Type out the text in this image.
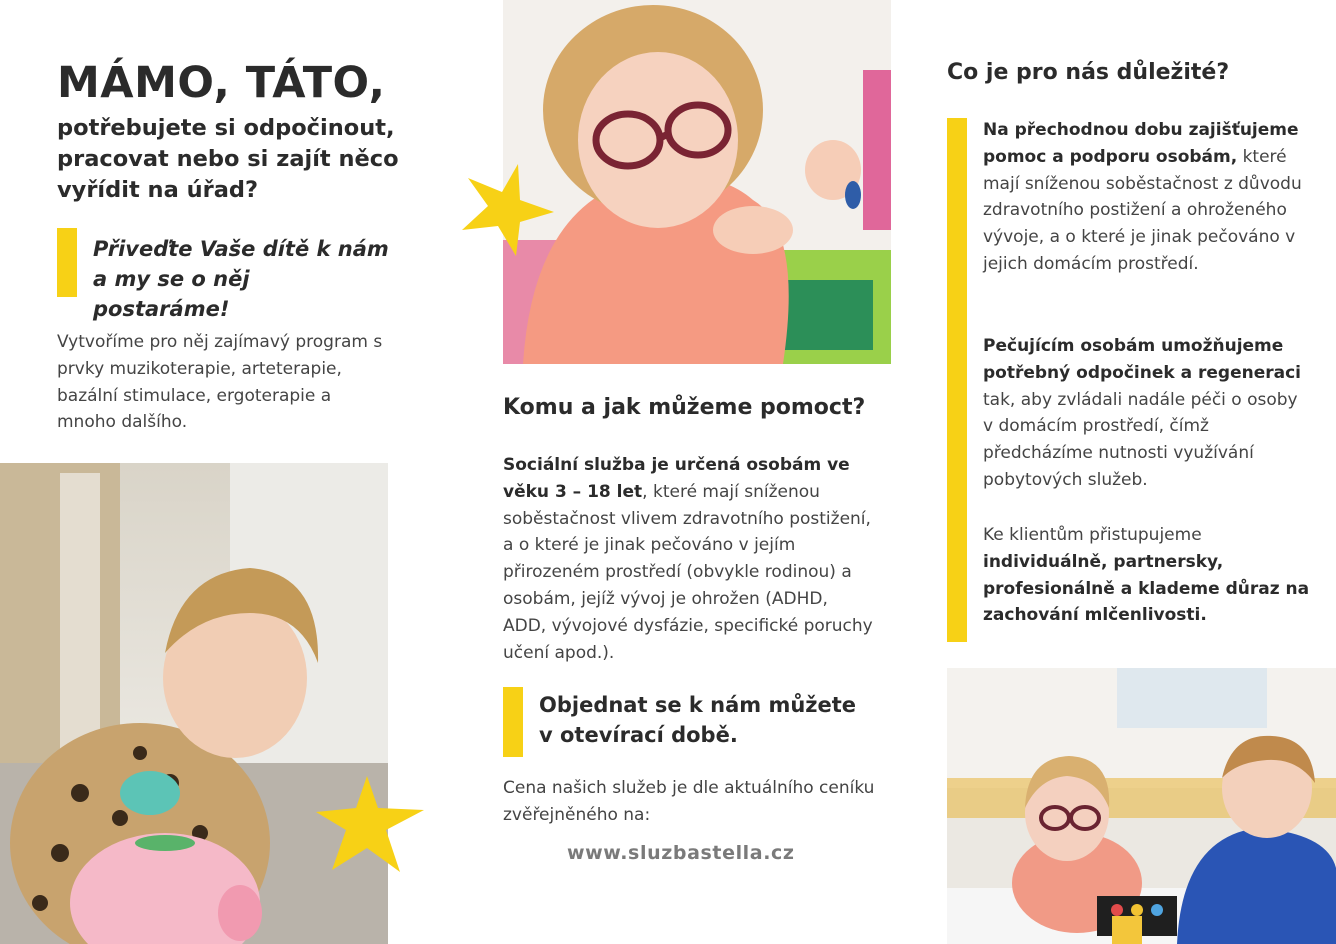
MÁMO, TÁTO,
potřebujete si odpočinout, pracovat nebo si zajít něco vyřídit na úřad?
Přiveďte Vaše dítě k nám a my se o něj postaráme!
Vytvoříme pro něj zajímavý program s prvky muzikoterapie, arteterapie, bazální stimulace, ergoterapie a mnoho dalšího.
Komu a jak můžeme pomoct?
Sociální služba je určená osobám ve věku 3 – 18 let, které mají sníženou soběstačnost vlivem zdravotního postižení, a o které je jinak pečováno v jejím přirozeném prostředí (obvykle rodinou) a osobám, jejíž vývoj je ohrožen (ADHD, ADD, vývojové dysfázie, specifické poruchy učení apod.).
Objednat se k nám můžete v otevírací době.
Cena našich služeb je dle aktuálního ceníku zvěřejněného na:
www.sluzbastella.cz
Co je pro nás důležité?
Na přechodnou dobu zajišťujeme pomoc a podporu osobám, které mají sníženou soběstačnost z důvodu zdravotního postižení a ohroženého vývoje, a o které je jinak pečováno v jejich domácím prostředí.
Pečujícím osobám umožňujeme potřebný odpočinek a regeneraci tak, aby zvládali nadále péči o osoby v domácím prostředí, čímž předcházíme nutnosti využívání pobytových služeb.
Ke klientům přistupujeme individuálně, partnersky, profesionálně a klademe důraz na zachování mlčenlivosti.
